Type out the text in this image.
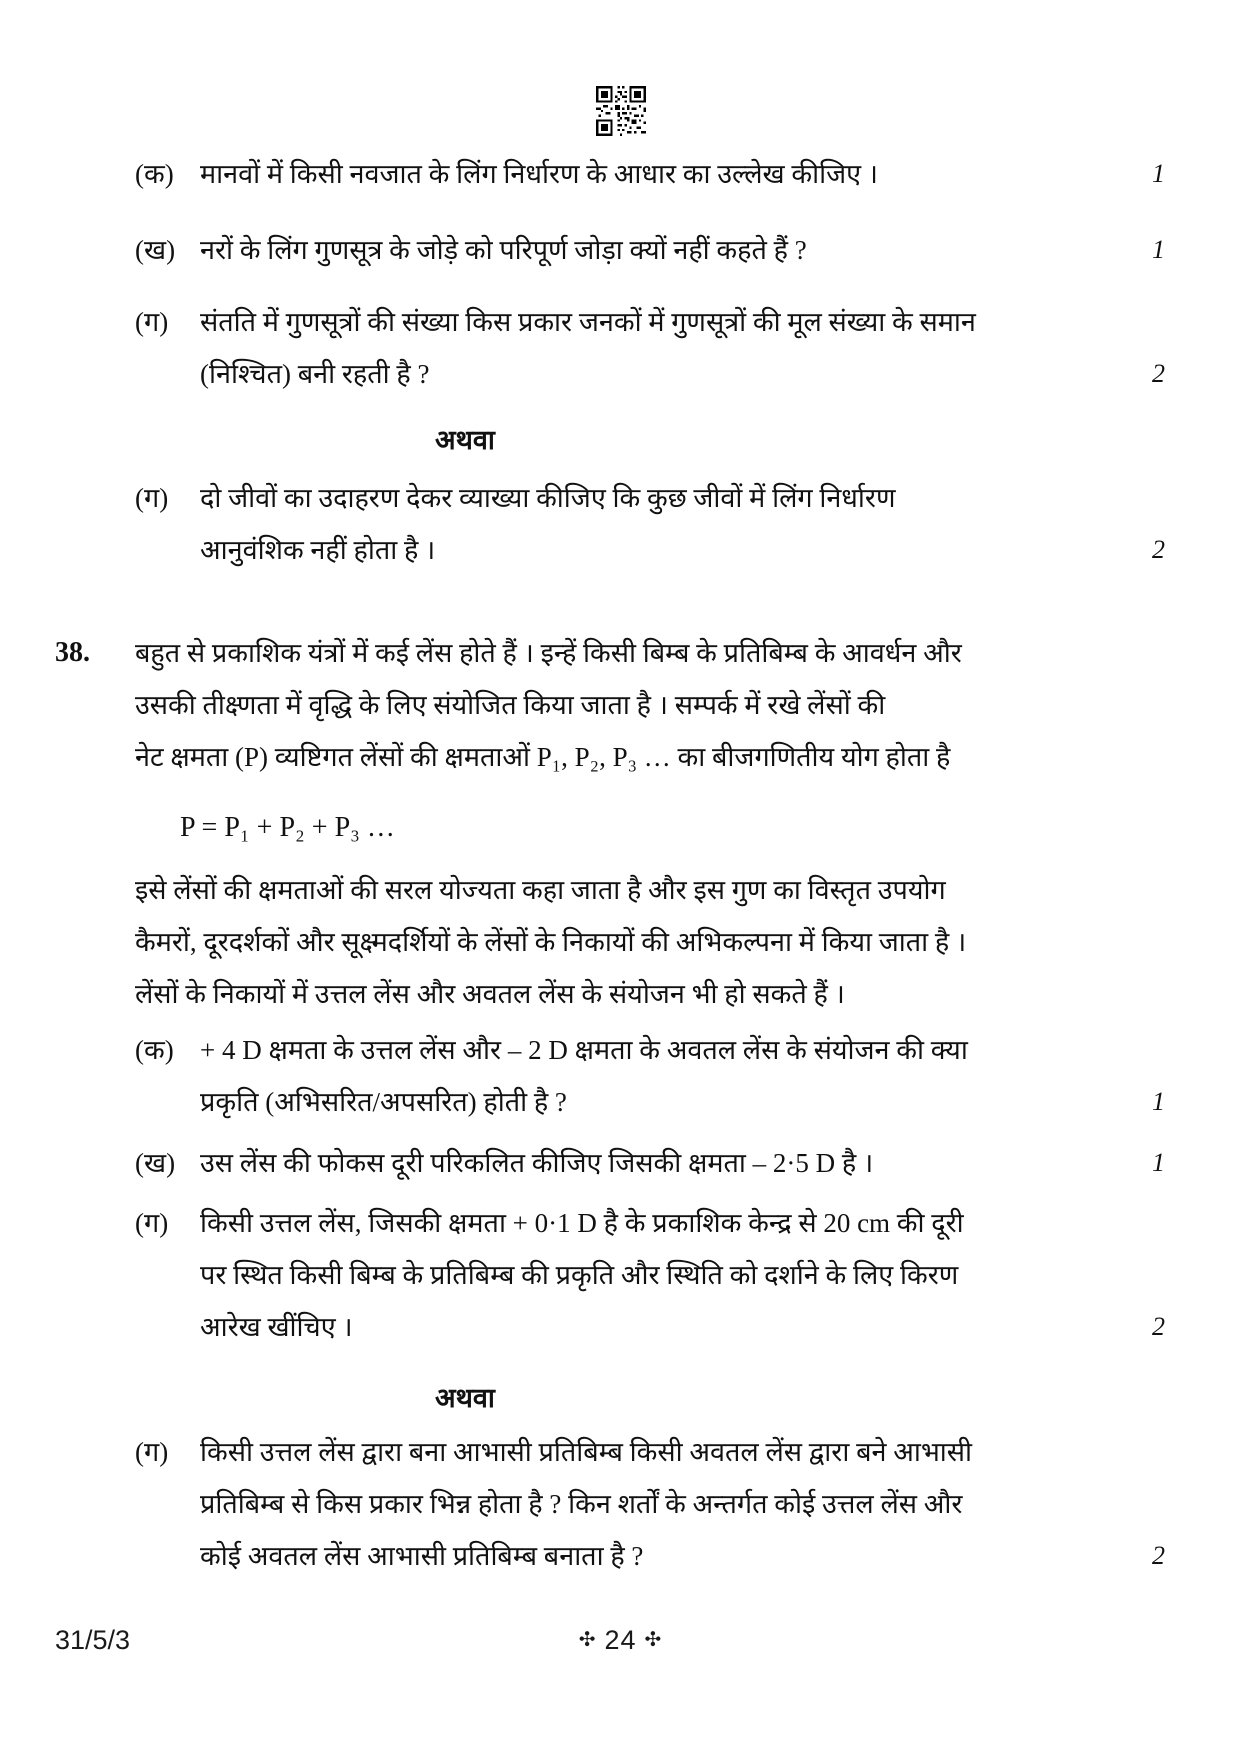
(क) मानवों में किसी नवजात के लिंग निर्धारण के आधार का उल्लेख कीजिए ।	1
(ख) नरों के लिंग गुणसूत्र के जोड़े को परिपूर्ण जोड़ा क्यों नहीं कहते हैं ?	1
(ग)	संतति में गुणसूत्रों की संख्या किस प्रकार जनकों में गुणसूत्रों की मूल संख्या के समान
(निश्चित) बनी रहती है ?	2
अथवा
(ग)	दो जीवों का उदाहरण देकर व्याख्या कीजिए कि कुछ जीवों में लिंग निर्धारण
आनुवंशिक नहीं होता है ।	2
38.	बहुत से प्रकाशिक यंत्रों में कई लेंस होते हैं । इन्हें किसी बिम्ब के प्रतिबिम्ब के आवर्धन और
उसकी तीक्ष्णता में वृद्धि के लिए संयोजित किया जाता है । सम्पर्क में रखे लेंसों की
नेट क्षमता (P) व्यष्टिगत लेंसों की क्षमताओं P₁, P₂, P₃ … का बीजगणितीय योग होता है
P = P₁ + P₂ + P₃ …
इसे लेंसों की क्षमताओं की सरल योज्यता कहा जाता है और इस गुण का विस्तृत उपयोग
कैमरों, दूरदर्शकों और सूक्ष्मदर्शियों के लेंसों के निकायों की अभिकल्पना में किया जाता है ।
लेंसों के निकायों में उत्तल लेंस और अवतल लेंस के संयोजन भी हो सकते हैं ।
(क) + 4 D क्षमता के उत्तल लेंस और – 2 D क्षमता के अवतल लेंस के संयोजन की क्या
प्रकृति (अभिसरित/अपसरित) होती है ?	1
(ख) उस लेंस की फोकस दूरी परिकलित कीजिए जिसकी क्षमता – 2·5 D है ।	1
(ग)	किसी उत्तल लेंस, जिसकी क्षमता + 0·1 D है के प्रकाशिक केन्द्र से 20 cm की दूरी
पर स्थित किसी बिम्ब के प्रतिबिम्ब की प्रकृति और स्थिति को दर्शाने के लिए किरण
आरेख खींचिए ।	2
अथवा
(ग)	किसी उत्तल लेंस द्वारा बना आभासी प्रतिबिम्ब किसी अवतल लेंस द्वारा बने आभासी
प्रतिबिम्ब से किस प्रकार भिन्न होता है ? किन शर्तों के अन्तर्गत कोई उत्तल लेंस और
कोई अवतल लेंस आभासी प्रतिबिम्ब बनाता है ?	2
31/5/3	✣ 24 ✣
